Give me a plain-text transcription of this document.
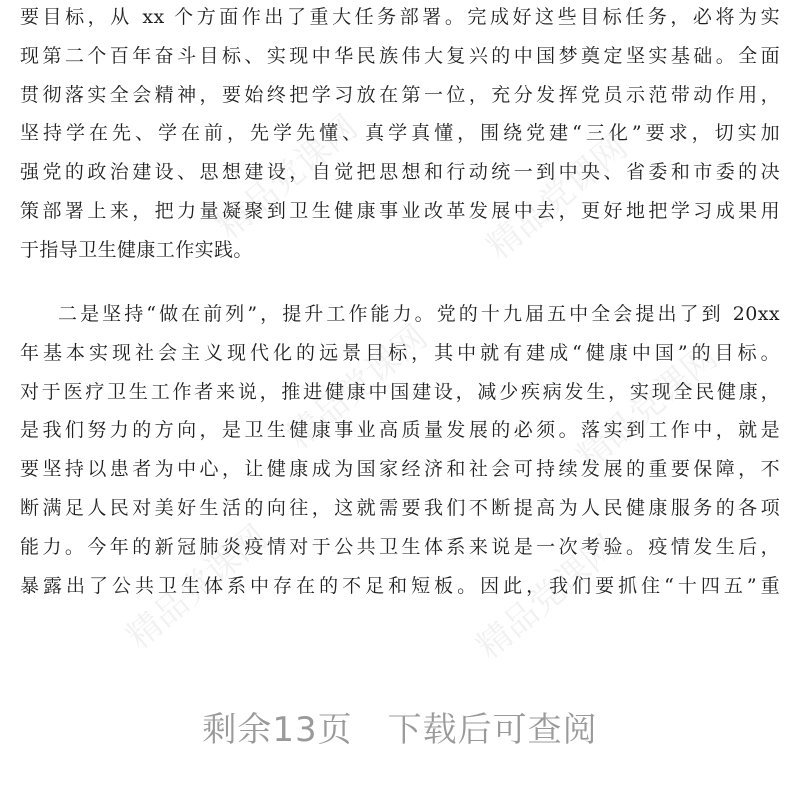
精品党课网	精品党课网
精品党课网	精品党课网
精品党课网	精品党课网
要目标，从 xx 个方面作出了重大任务部署。完成好这些目标任务，必将为实
现第二个百年奋斗目标、实现中华民族伟大复兴的中国梦奠定坚实基础。全面
贯彻落实全会精神，要始终把学习放在第一位，充分发挥党员示范带动作用，
坚持学在先、学在前，先学先懂、真学真懂，围绕党建“三化”要求，切实加
强党的政治建设、思想建设，自觉把思想和行动统一到中央、省委和市委的决
策部署上来，把力量凝聚到卫生健康事业改革发展中去，更好地把学习成果用
于指导卫生健康工作实践。
二是坚持“做在前列”，提升工作能力。党的十九届五中全会提出了到 20xx
年基本实现社会主义现代化的远景目标，其中就有建成“健康中国”的目标。
对于医疗卫生工作者来说，推进健康中国建设，减少疾病发生，实现全民健康，
是我们努力的方向，是卫生健康事业高质量发展的必须。落实到工作中，就是
要坚持以患者为中心，让健康成为国家经济和社会可持续发展的重要保障，不
断满足人民对美好生活的向往，这就需要我们不断提高为人民健康服务的各项
能力。今年的新冠肺炎疫情对于公共卫生体系来说是一次考验。疫情发生后，
暴露出了公共卫生体系中存在的不足和短板。因此，我们要抓住“十四五”重
剩余13页　下载后可查阅
